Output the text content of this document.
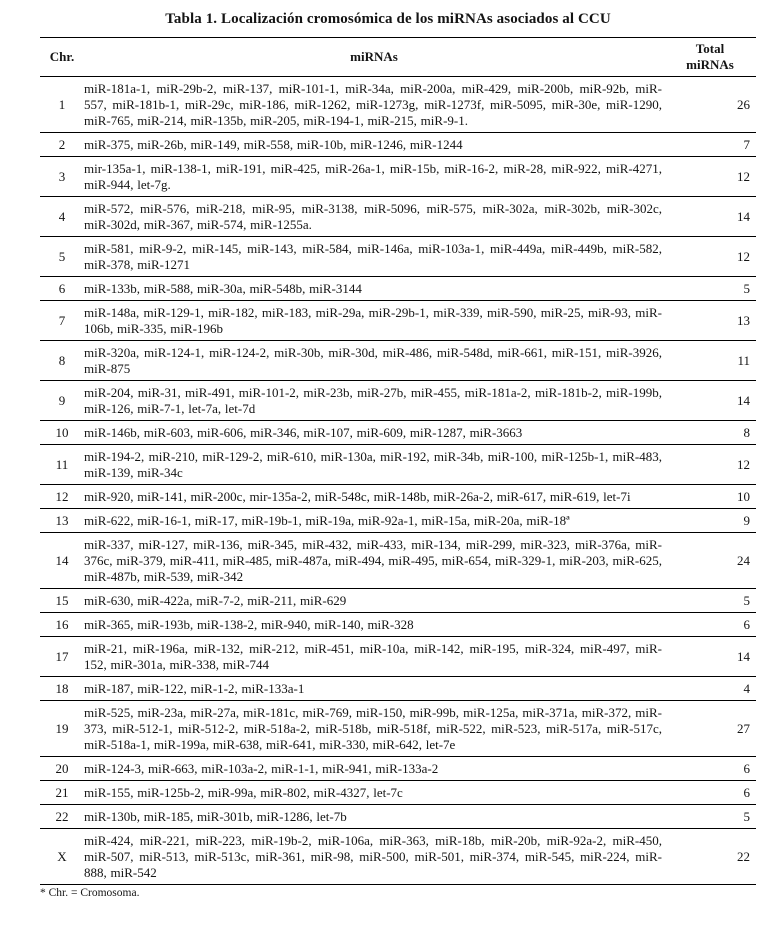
Tabla 1. Localización cromosómica de los miRNAs asociados al CCU
Chr.	miRNAs	Total miRNAs

1	miR-181a-1, miR-29b-2, miR-137, miR-101-1, miR-34a, miR-200a, miR-429, miR-200b, miR-92b, miR-557, miR-181b-1, miR-29c, miR-186, miR-1262, miR-1273g, miR-1273f, miR-5095, miR-30e, miR-1290, miR-765, miR-214, miR-135b, miR-205, miR-194-1, miR-215, miR-9-1.	26
2	miR-375, miR-26b, miR-149, miR-558, miR-10b, miR-1246, miR-1244	7
3	mir-135a-1, miR-138-1, miR-191, miR-425, miR-26a-1, miR-15b, miR-16-2, miR-28, miR-922, miR-4271, miR-944, let-7g.	12
4	miR-572, miR-576, miR-218, miR-95, miR-3138, miR-5096, miR-575, miR-302a, miR-302b, miR-302c, miR-302d, miR-367, miR-574, miR-1255a.	14
5	miR-581, miR-9-2, miR-145, miR-143, miR-584, miR-146a, miR-103a-1, miR-449a, miR-449b, miR-582, miR-378, miR-1271	12
6	miR-133b, miR-588, miR-30a, miR-548b, miR-3144	5
7	miR-148a, miR-129-1, miR-182, miR-183, miR-29a, miR-29b-1, miR-339, miR-590, miR-25, miR-93, miR-106b, miR-335, miR-196b	13
8	miR-320a, miR-124-1, miR-124-2, miR-30b, miR-30d, miR-486, miR-548d, miR-661, miR-151, miR-3926, miR-875	11
9	miR-204, miR-31, miR-491, miR-101-2, miR-23b, miR-27b, miR-455, miR-181a-2, miR-181b-2, miR-199b, miR-126, miR-7-1, let-7a, let-7d	14
10	miR-146b, miR-603, miR-606, miR-346, miR-107, miR-609, miR-1287, miR-3663	8
11	miR-194-2, miR-210, miR-129-2, miR-610, miR-130a, miR-192, miR-34b, miR-100, miR-125b-1, miR-483, miR-139, miR-34c	12
12	miR-920, miR-141, miR-200c, mir-135a-2, miR-548c, miR-148b, miR-26a-2, miR-617, miR-619, let-7i	10
13	miR-622, miR-16-1, miR-17, miR-19b-1, miR-19a, miR-92a-1, miR-15a, miR-20a, miR-18ª	9
14	miR-337, miR-127, miR-136, miR-345, miR-432, miR-433, miR-134, miR-299, miR-323, miR-376a, miR-376c, miR-379, miR-411, miR-485, miR-487a, miR-494, miR-495, miR-654, miR-329-1, miR-203, miR-625, miR-487b, miR-539, miR-342	24
15	miR-630, miR-422a, miR-7-2, miR-211, miR-629	5
16	miR-365, miR-193b, miR-138-2, miR-940, miR-140, miR-328	6
17	miR-21, miR-196a, miR-132, miR-212, miR-451, miR-10a, miR-142, miR-195, miR-324, miR-497, miR-152, miR-301a, miR-338, miR-744	14
18	miR-187, miR-122, miR-1-2, miR-133a-1	4
19	miR-525, miR-23a, miR-27a, miR-181c, miR-769, miR-150, miR-99b, miR-125a, miR-371a, miR-372, miR-373, miR-512-1, miR-512-2, miR-518a-2, miR-518b, miR-518f, miR-522, miR-523, miR-517a, miR-517c, miR-518a-1, miR-199a, miR-638, miR-641, miR-330, miR-642, let-7e	27
20	miR-124-3, miR-663, miR-103a-2, miR-1-1, miR-941, miR-133a-2	6
21	miR-155, miR-125b-2, miR-99a, miR-802, miR-4327, let-7c	6
22	miR-130b, miR-185, miR-301b, miR-1286, let-7b	5
X	miR-424, miR-221, miR-223, miR-19b-2, miR-106a, miR-363, miR-18b, miR-20b, miR-92a-2, miR-450, miR-507, miR-513, miR-513c, miR-361, miR-98, miR-500, miR-501, miR-374, miR-545, miR-224, miR-888, miR-542	22
* Chr. = Cromosoma.
